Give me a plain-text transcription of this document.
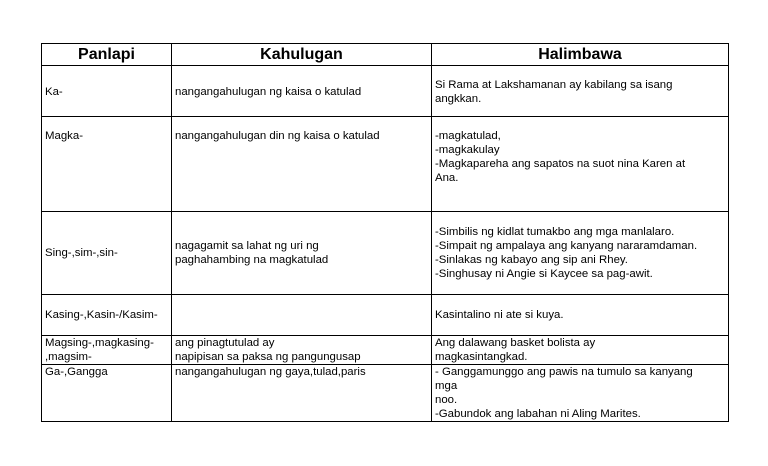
Panlapi	Kahulugan	Halimbawa

Ka-	nangangahulugan ng kaisa o katulad	Si Rama at Lakshamanan ay kabilang sa isang
angkkan.

Magka-	nangangahulugan din ng kaisa o katulad	-magkatulad,
-magkakulay
-Magkapareha ang sapatos na suot nina Karen at
Ana.

Sing-,sim-,sin-	nagagamit sa lahat ng uri ng
paghahambing na magkatulad	-Simbilis ng kidlat tumakbo ang mga manlalaro.
-Simpait ng ampalaya ang kanyang nararamdaman.
-Sinlakas ng kabayo ang sip ani Rhey.
-Singhusay ni Angie si Kaycee sa pag-awit.

Kasing-,Kasin-/Kasim-		Kasintalino ni ate si kuya.

Magsing-,magkasing-
,magsim-	ang pinagtutulad ay
napipisan sa paksa ng pangungusap	Ang dalawang basket bolista ay
magkasintangkad.

Ga-,Gangga	nangangahulugan ng gaya,tulad,paris	- Ganggamunggo ang pawis na tumulo sa kanyang
mga
noo.
-Gabundok ang labahan ni Aling Marites.
